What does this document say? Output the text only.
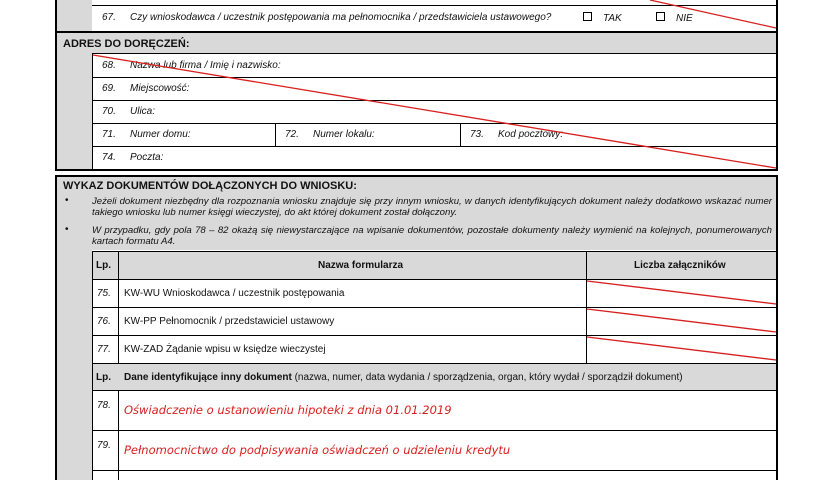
67. Czy wnioskodawca / uczestnik postępowania ma pełnomocnika / przedstawiciela ustawowego?	TAK	NIE
ADRES DO DORĘCZEŃ:
68. Nazwa lub firma / Imię i nazwisko:
69. Miejscowość:
70. Ulica:
71. Numer domu:	72. Numer lokalu:	73. Kod pocztowy:
74. Poczta:
WYKAZ DOKUMENTÓW DOŁĄCZONYCH DO WNIOSKU:
• Jeżeli dokument niezbędny dla rozpoznania wniosku znajduje się przy innym wniosku, w danych identyfikujących dokument należy dodatkowo wskazać numer takiego wniosku lub numer księgi wieczystej, do akt której dokument został dołączony.
• W przypadku, gdy pola 78 – 82 okażą się niewystarczające na wpisanie dokumentów, pozostałe dokumenty należy wymienić na kolejnych, ponumerowanych kartach formatu A4.
Lp.	Nazwa formularza	Liczba załączników
75. KW-WU Wnioskodawca / uczestnik postępowania
76. KW-PP Pełnomocnik / przedstawiciel ustawowy
77. KW-ZAD Żądanie wpisu w księdze wieczystej
Lp. Dane identyfikujące inny dokument (nazwa, numer, data wydania / sporządzenia, organ, który wydał / sporządził dokument)
78. Oświadczenie o ustanowieniu hipoteki z dnia 01.01.2019
79. Pełnomocnictwo do podpisywania oświadczeń o udzieleniu kredytu
